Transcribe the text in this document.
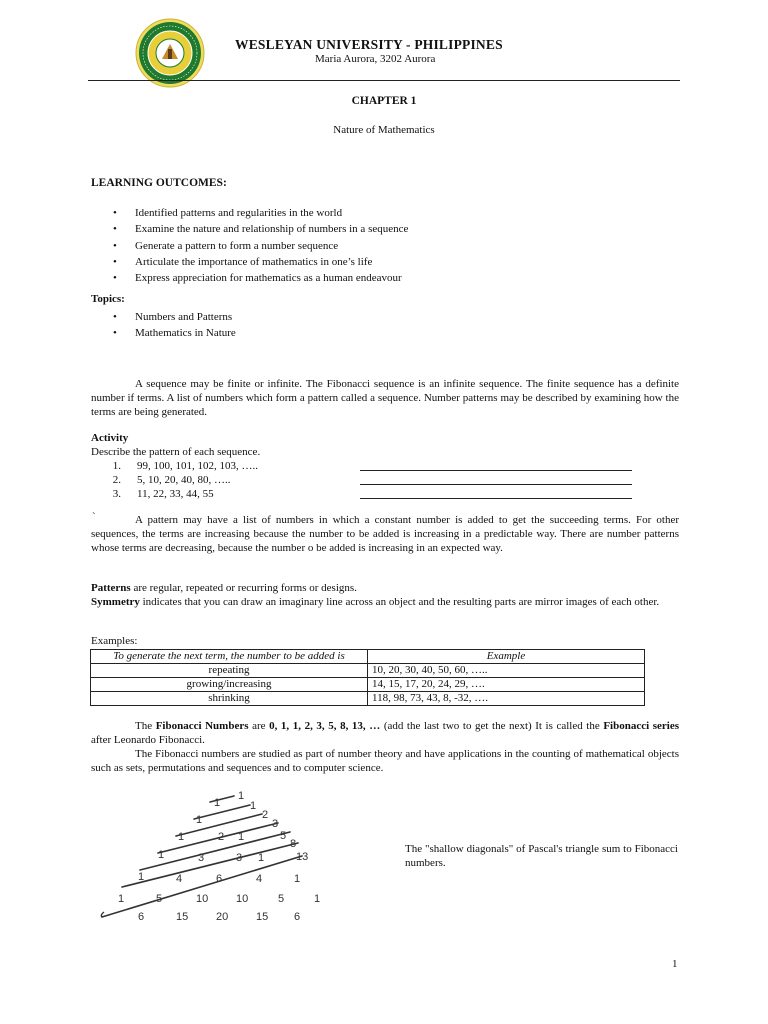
WESLEYAN UNIVERSITY - PHILIPPINES
Maria Aurora, 3202 Aurora
CHAPTER 1
Nature of Mathematics
LEARNING OUTCOMES:
• Identified patterns and regularities in the world
• Examine the nature and relationship of numbers in a sequence
• Generate a pattern to form a number sequence
• Articulate the importance of mathematics in one’s life
• Express appreciation for mathematics as a human endeavour
Topics:
• Numbers and Patterns
• Mathematics in Nature

A sequence may be finite or infinite. The Fibonacci sequence is an infinite sequence. The finite sequence has a definite number if terms. A list of numbers which form a pattern called a sequence. Number patterns may be described by examining how the terms are being generated.

Activity
Describe the pattern of each sequence.
1. 99, 100, 101, 102, 103, …..
2. 5, 10, 20, 40, 80, …..
3. 11, 22, 33, 44, 55
`	A pattern may have a list of numbers in which a constant number is added to get the succeeding terms. For other sequences, the terms are increasing because the number to be added is increasing in a predictable way. There are number patterns whose terms are decreasing, because the number o be added is increasing in an expected way.

Patterns are regular, repeated or recurring forms or designs.
Symmetry indicates that you can draw an imaginary line across an object and the resulting parts are mirror images of each other.

Examples:
To generate the next term, the number to be added is	Example
repeating	10, 20, 30, 40, 50, 60, …..
growing/increasing	14, 15, 17, 20, 24, 29, ….
shrinking	118, 98, 73, 43, 8, -32, ….

The Fibonacci Numbers are 0, 1, 1, 2, 3, 5, 8, 13, … (add the last two to get the next) It is called the Fibonacci series after Leonardo Fibonacci.

The Fibonacci numbers are studied as part of number theory and have applications in the counting of mathematical objects such as sets, permutations and sequences and to computer science.

1
1
1
1
1
1
1
1
2
3
5
8
13
2 1
3	3 1
4	6	4	1
5	10	10	5	1
6	15	20	15 6
The "shallow diagonals" of Pascal's triangle sum to Fibonacci numbers.
1
